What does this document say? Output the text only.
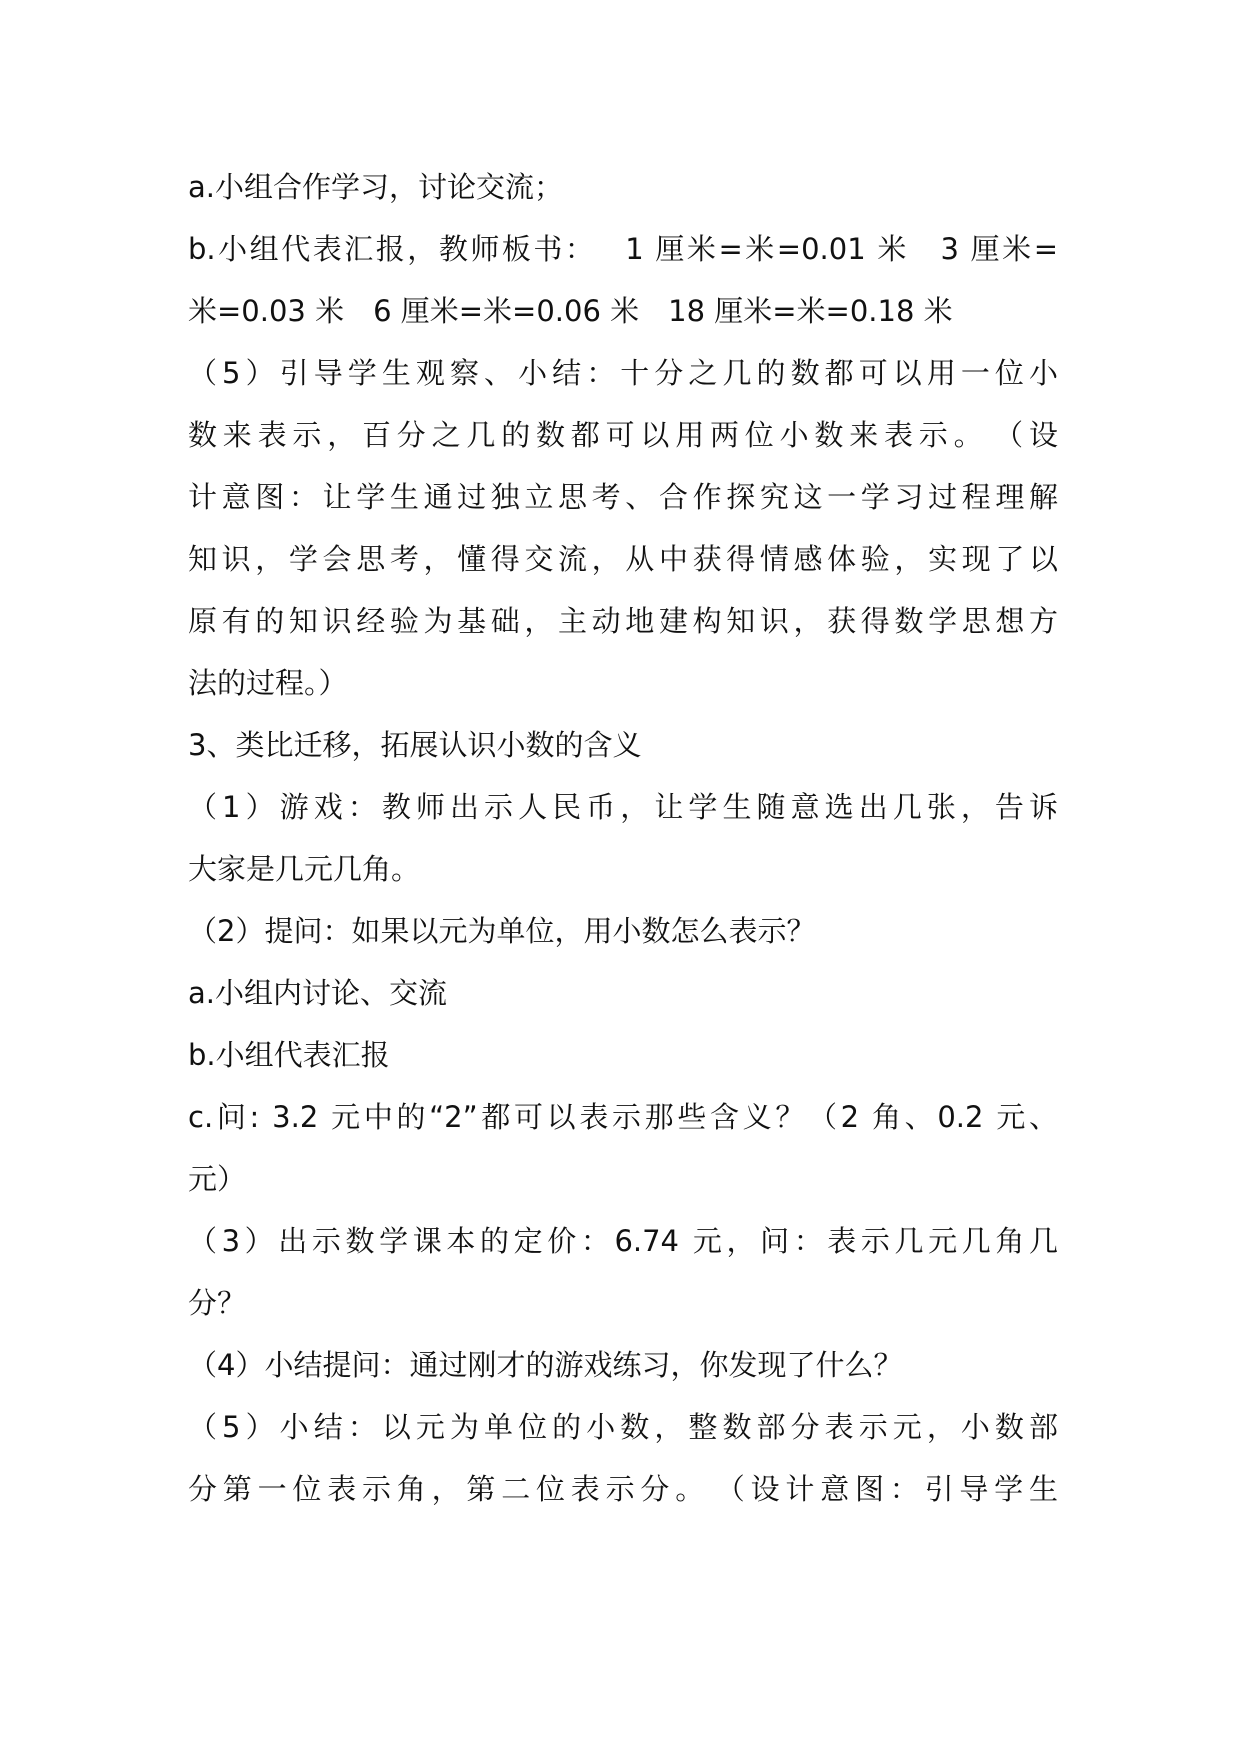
a.小组合作学习，讨论交流；

b.小组代表汇报，教师板书：　 1 厘米=米=0.01 米　3 厘米=

米=0.03 米　6 厘米=米=0.06 米　18 厘米=米=0.18 米

（5）引导学生观察、小结：十分之几的数都可以用一位小

数来表示，百分之几的数都可以用两位小数来表示。　（设

计意图：让学生通过独立思考、合作探究这一学习过程理解

知识，学会思考，懂得交流，从中获得情感体验，实现了以

原有的知识经验为基础，主动地建构知识，获得数学思想方

法的过程。）

3、类比迁移，拓展认识小数的含义

（1）游戏：教师出示人民币，让学生随意选出几张，告诉

大家是几元几角。

（2）提问：如果以元为单位，用小数怎么表示？

a.小组内讨论、交流

b.小组代表汇报

c.问: 3.2 元中的“2”都可以表示那些含义？（2 角、0.2 元、

元）

（3）出示数学课本的定价：6.74 元，问：表示几元几角几

分？

（4）小结提问：通过刚才的游戏练习，你发现了什么？

（5）小结：以元为单位的小数，整数部分表示元，小数部

分第一位表示角，第二位表示分。　（设计意图：引导学生
